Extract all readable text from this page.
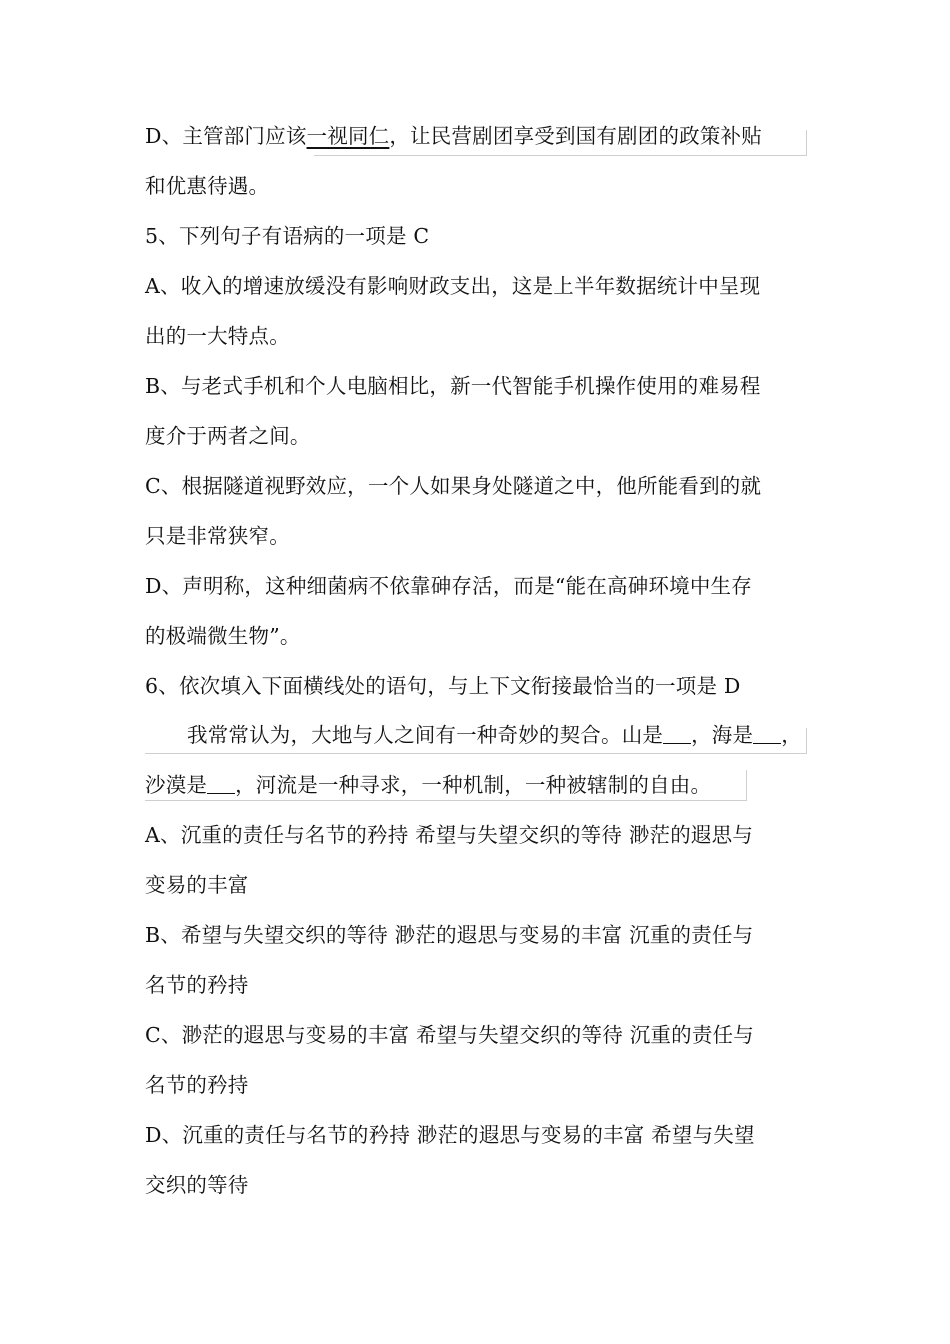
D、主管部门应该一视同仁，让民营剧团享受到国有剧团的政策补贴
和优惠待遇。
5、下列句子有语病的一项是 C
A、收入的增速放缓没有影响财政支出，这是上半年数据统计中呈现
出的一大特点。
B、与老式手机和个人电脑相比，新一代智能手机操作使用的难易程
度介于两者之间。
C、根据隧道视野效应，一个人如果身处隧道之中，他所能看到的就
只是非常狭窄。
D、声明称，这种细菌病不依靠砷存活，而是“能在高砷环境中生存
的极端微生物”。
6、依次填入下面横线处的语句，与上下文衔接最恰当的一项是 D
我常常认为，大地与人之间有一种奇妙的契合。山是 ，海是 ，
沙漠是 ，河流是一种寻求，一种机制，一种被辖制的自由。
A、沉重的责任与名节的矜持 希望与失望交织的等待 渺茫的遐思与
变易的丰富
B、希望与失望交织的等待 渺茫的遐思与变易的丰富 沉重的责任与
名节的矜持
C、渺茫的遐思与变易的丰富 希望与失望交织的等待 沉重的责任与
名节的矜持
D、沉重的责任与名节的矜持 渺茫的遐思与变易的丰富 希望与失望
交织的等待
